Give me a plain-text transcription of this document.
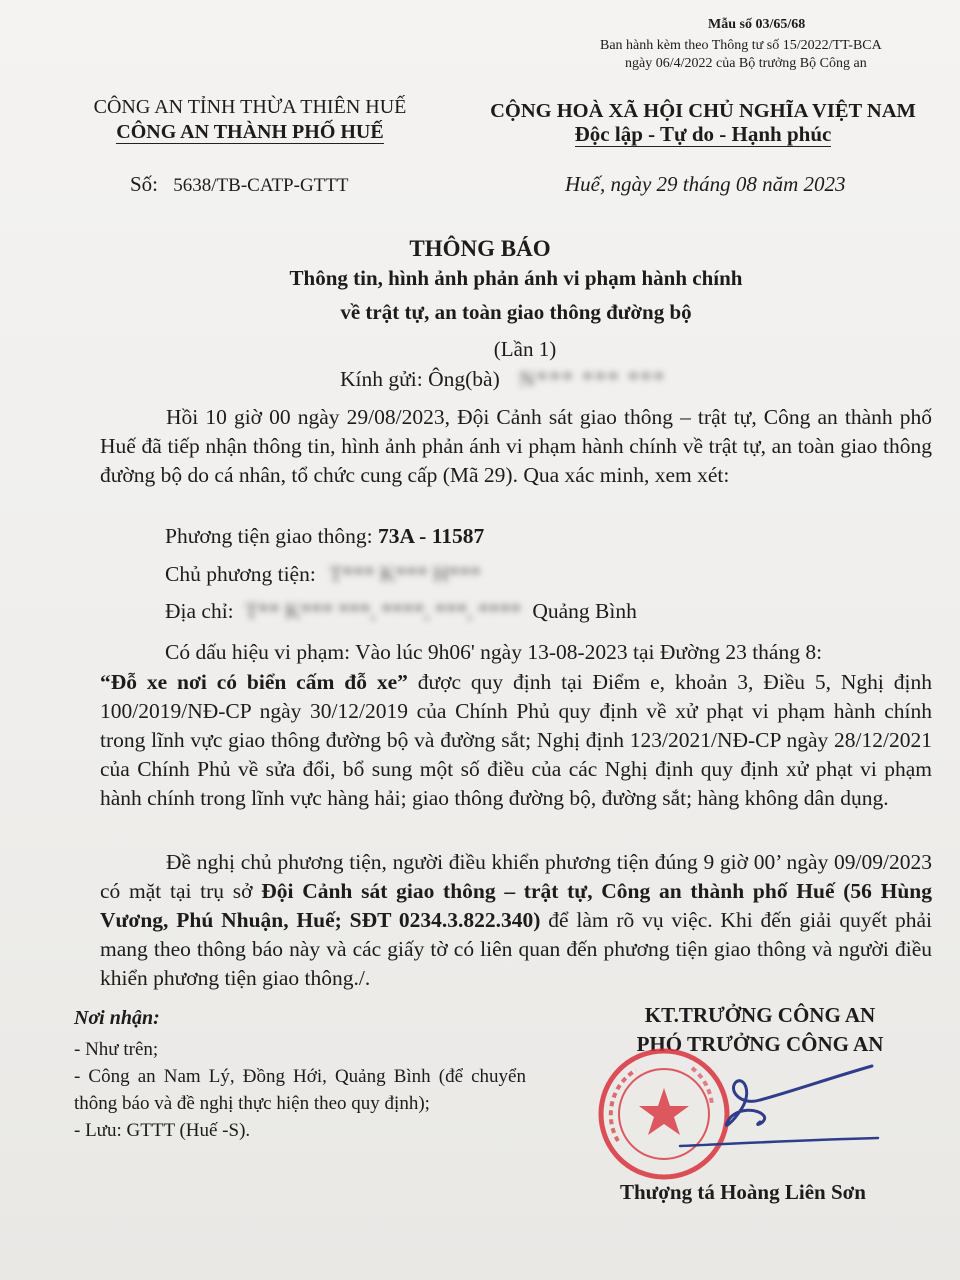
Mẫu số 03/65/68
Ban hành kèm theo Thông tư số 15/2022/TT-BCA
ngày 06/4/2022 của Bộ trưởng Bộ Công an
CÔNG AN TỈNH THỪA THIÊN HUẾ
CÔNG AN THÀNH PHỐ HUẾ
Số: 5638/TB-CATP-GTTT
CỘNG HOÀ XÃ HỘI CHỦ NGHĨA VIỆT NAM
Độc lập - Tự do - Hạnh phúc
Huế, ngày 29 tháng 08 năm 2023
THÔNG BÁO
Thông tin, hình ảnh phản ánh vi phạm hành chính
về trật tự, an toàn giao thông đường bộ
(Lần 1)
Kính gửi: Ông(bà) N*** *** ***
Hồi 10 giờ 00 ngày 29/08/2023, Đội Cảnh sát giao thông – trật tự, Công an thành phố Huế đã tiếp nhận thông tin, hình ảnh phản ánh vi phạm hành chính về trật tự, an toàn giao thông đường bộ do cá nhân, tổ chức cung cấp (Mã 29). Qua xác minh, xem xét:
Phương tiện giao thông: 73A - 11587
Chủ phương tiện: T*** K*** H***
Địa chỉ: T** K*** ***, ****, ***, **** Quảng Bình
Có dấu hiệu vi phạm: Vào lúc 9h06' ngày 13-08-2023 tại Đường 23 tháng 8:
“Đỗ xe nơi có biển cấm đỗ xe” được quy định tại Điểm e, khoản 3, Điều 5, Nghị định 100/2019/NĐ-CP ngày 30/12/2019 của Chính Phủ quy định về xử phạt vi phạm hành chính trong lĩnh vực giao thông đường bộ và đường sắt; Nghị định 123/2021/NĐ-CP ngày 28/12/2021 của Chính Phủ về sửa đổi, bổ sung một số điều của các Nghị định quy định xử phạt vi phạm hành chính trong lĩnh vực hàng hải; giao thông đường bộ, đường sắt; hàng không dân dụng.
Đề nghị chủ phương tiện, người điều khiển phương tiện đúng 9 giờ 00’ ngày 09/09/2023 có mặt tại trụ sở Đội Cảnh sát giao thông – trật tự, Công an thành phố Huế (56 Hùng Vương, Phú Nhuận, Huế; SĐT 0234.3.822.340) để làm rõ vụ việc. Khi đến giải quyết phải mang theo thông báo này và các giấy tờ có liên quan đến phương tiện giao thông và người điều khiển phương tiện giao thông./.
Nơi nhận:
- Như trên;
- Công an Nam Lý, Đồng Hới, Quảng Bình (để chuyển thông báo và đề nghị thực hiện theo quy định);
- Lưu: GTTT (Huế -S).
KT.TRƯỞNG CÔNG AN
PHÓ TRƯỞNG CÔNG AN
Thượng tá Hoàng Liên Sơn
